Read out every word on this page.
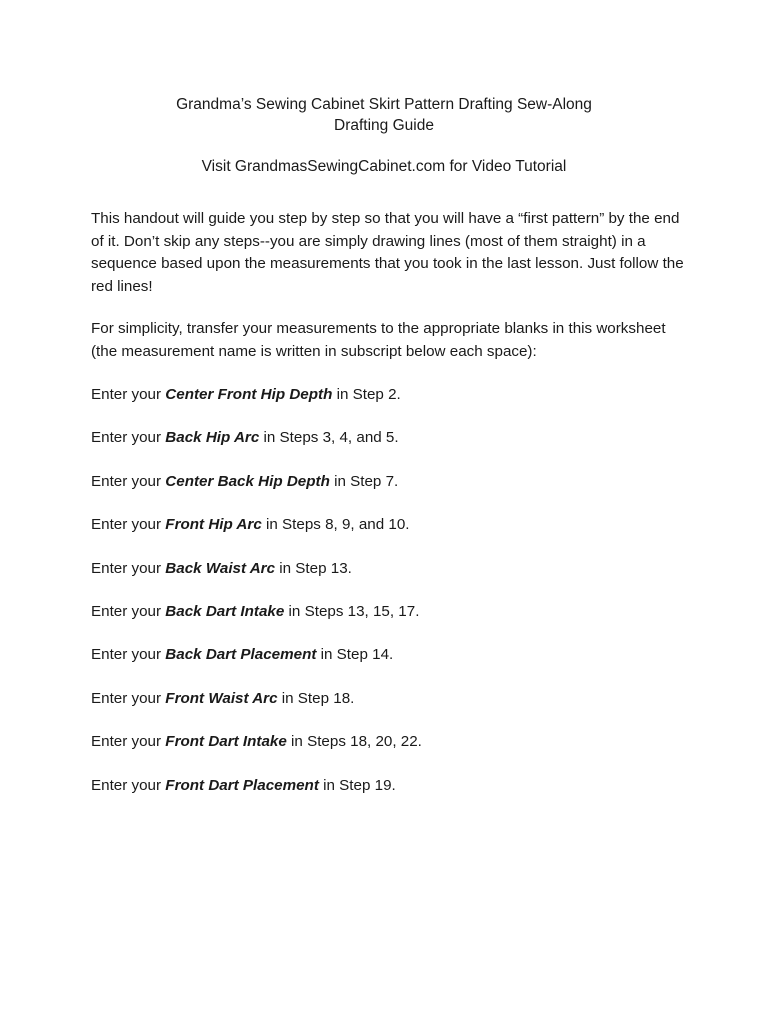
Grandma’s Sewing Cabinet Skirt Pattern Drafting Sew-Along
Drafting Guide
Visit GrandmasSewingCabinet.com for Video Tutorial
This handout will guide you step by step so that you will have a “first pattern” by the end of it. Don’t skip any steps--you are simply drawing lines (most of them straight) in a sequence based upon the measurements that you took in the last lesson. Just follow the red lines!
For simplicity, transfer your measurements to the appropriate blanks in this worksheet (the measurement name is written in subscript below each space):
Enter your Center Front Hip Depth in Step 2.
Enter your Back Hip Arc in Steps 3, 4, and 5.
Enter your Center Back Hip Depth in Step 7.
Enter your Front Hip Arc in Steps 8, 9, and 10.
Enter your Back Waist Arc in Step 13.
Enter your Back Dart Intake in Steps 13, 15, 17.
Enter your Back Dart Placement in Step 14.
Enter your Front Waist Arc in Step 18.
Enter your Front Dart Intake in Steps 18, 20, 22.
Enter your Front Dart Placement in Step 19.
